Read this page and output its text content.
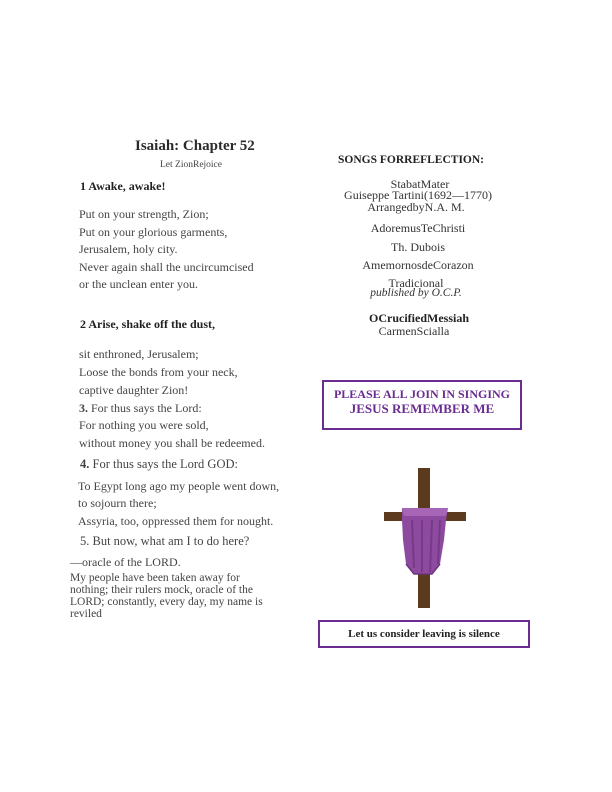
Isaiah: Chapter 52
Let ZionRejoice
1 Awake, awake!
Put on your strength, Zion;
Put on your glorious garments,
Jerusalem, holy city.
Never again shall the uncircumcised
or the unclean enter you.
2 Arise, shake off the dust,
sit enthroned, Jerusalem;
Loose the bonds from your neck,
captive daughter Zion!
3. For thus says the Lord:
For nothing you were sold,
without money you shall be redeemed.
4. For thus says the Lord GOD:
To Egypt long ago my people went down,
to sojourn there;
Assyria, too, oppressed them for nought.
5. But now, what am I to do here?
—oracle of the LORD.
My people have been taken away for
nothing; their rulers mock, oracle of the
LORD; constantly, every day, my name is
reviled
SONGS FORREFLECTION:
StabatMater
Guiseppe Tartini(1692—1770)
ArrangedbyN.A. M.
AdoremusTeChristi
Th. Dubois
AmemornosdeCorazon
Tradicional
published by O.C.P.
OCrucifiedMessiah
CarmenScialla
PLEASE ALL JOIN IN SINGING
JESUS REMEMBER ME
Let us consider leaving is silence
